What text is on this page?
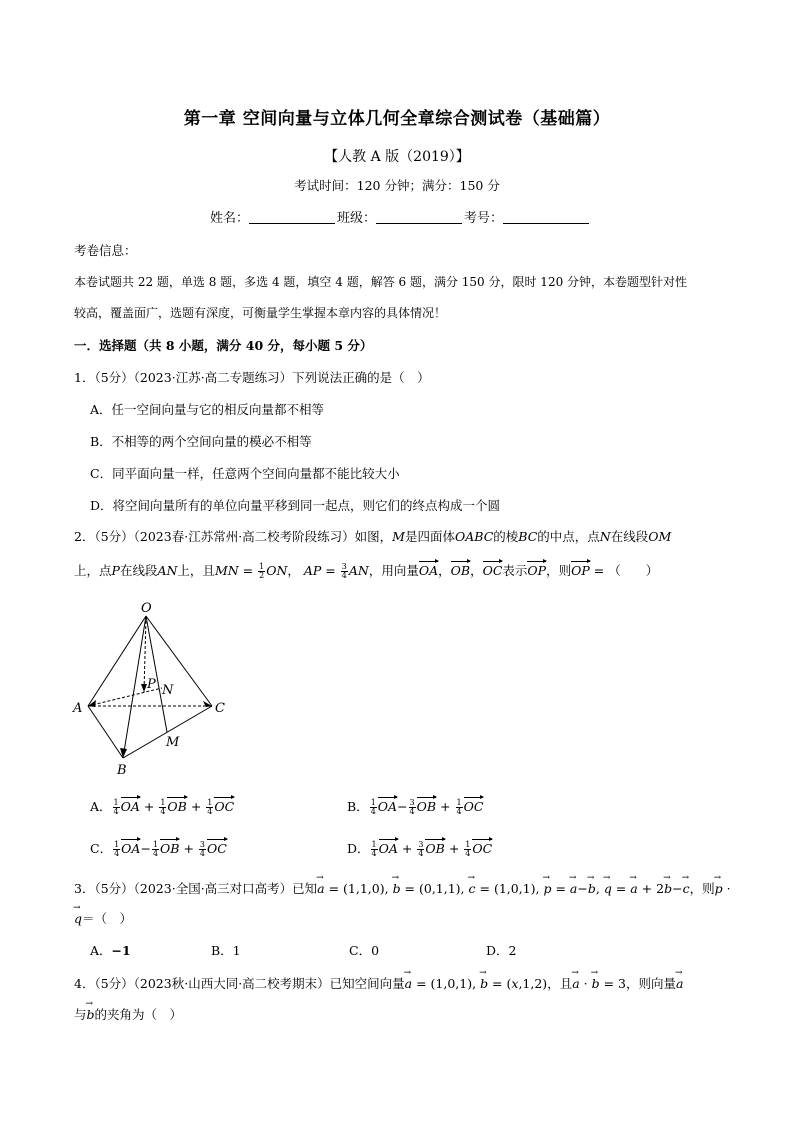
第一章 空间向量与立体几何全章综合测试卷（基础篇）
【人教 A 版（2019）】
考试时间：120 分钟；满分：150 分
姓名：	班级：	考号：
考卷信息：
本卷试题共 22 题，单选 8 题，多选 4 题，填空 4 题，解答 6 题，满分 150 分，限时 120 分钟，本卷题型针对性
较高，覆盖面广，选题有深度，可衡量学生掌握本章内容的具体情况！
一．选择题（共 8 小题，满分 40 分，每小题 5 分）
1．（5分）（2023·江苏·高二专题练习）下列说法正确的是（　）
A．任一空间向量与它的相反向量都不相等
B．不相等的两个空间向量的模必不相等
C．同平面向量一样，任意两个空间向量都不能比较大小
D．将空间向量所有的单位向量平移到同一起点，则它们的终点构成一个圆
2．（5分）（2023春·江苏常州·高二校考阶段练习）如图，M是四面体OABC的棱BC的中点，点N在线段OM
上，点P在线段AN上，且MN = $\frac{1}{2}$ ON， AP = $\frac{3}{4}$ AN，用向量OA，OB，OC表示OP，则OP = （　　）
O
A
B
C
M
N
P
A． $\frac{1}{4}$ OA + $\frac{1}{4}$ OB + $\frac{1}{4}$ OC	B． $\frac{1}{4} OA- \frac{3}{4}$ OB + $\frac{1}{4}$ OC
C． $\frac{1}{4} OA- \frac{1}{4}$ OB + $\frac{3}{4}$ OC	D． $\frac{1}{4}$ OA + $\frac{3}{4}$ OB + $\frac{1}{4}$ OC
3．（5分）（2023·全国·高三对口高考）已知→ a = (1,1,0), → b = (0,1,1), → c = (1,0,1), → p = → a−→ b, → q = → a + 2→ b−→ c，则→ p ·
→ q＝（　）
A．−1	B．1	C．0	D．2
4．（5分）（2023秋·山西大同·高二校考期末）已知空间向量→ a = (1,0,1), → b = (x,1,2)，且→ a · → b = 3，则向量→ a
与→ b的夹角为（　）
